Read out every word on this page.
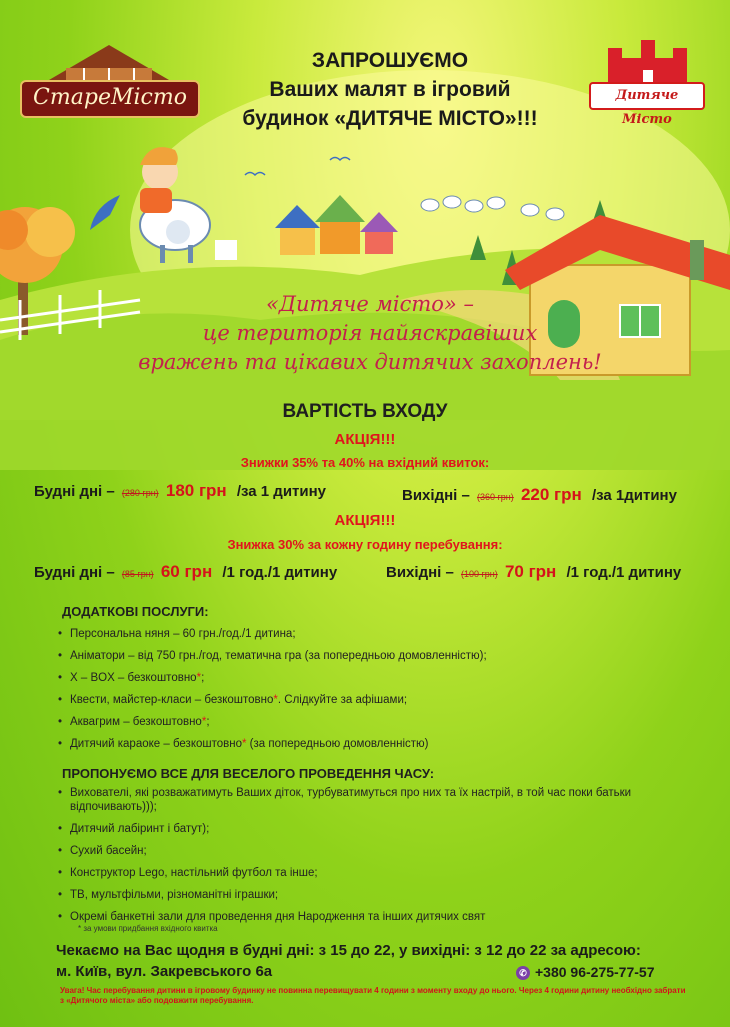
СтареМісто	Дитяче Місто
ЗАПРОШУЄМО
Ваших малят в ігровий
будинок «ДИТЯЧЕ МІСТО»!!!
«Дитяче місто» –
це територія найяскравіших
вражень та цікавих дитячих захоплень!
ВАРТІСТЬ ВХОДУ
АКЦІЯ!!!
Знижки 35% та 40% на вхідний квиток:
Будні дні – (280 грн) 180 грн /за 1 дитину	Вихідні – (360 грн) 220 грн /за 1дитину
АКЦІЯ!!!
Знижка 30% за кожну годину перебування:
Будні дні – (85 грн) 60 грн /1 год./1 дитину	Вихідні – (100 грн) 70 грн /1 год./1 дитину
ДОДАТКОВІ ПОСЛУГИ:
• Персональна няня – 60 грн./год./1 дитина;
• Аніматори – від 750 грн./год, тематична гра (за попередньою домовленністю);
• X – BOX – безкоштовно*;
• Квести, майстер-класи – безкоштовно*. Слідкуйте за афішами;
• Аквагрим – безкоштовно*;
• Дитячий караоке – безкоштовно* (за попередньою домовленністю)
ПРОПОНУЄМО ВСЕ ДЛЯ ВЕСЕЛОГО ПРОВЕДЕННЯ ЧАСУ:
• Вихователі, які розважатимуть Ваших діток, турбуватимуться про них та їх настрій, в той час поки батьки
відпочивають)));
• Дитячий лабіринт і батут);
• Сухий басейн;
• Конструктор Lego, настільний футбол та інше;
• ТВ, мультфільми, різноманітні іграшки;
• Окремі банкетні зали для проведення дня Народження та інших дитячих свят
* за умови придбання вхідного квитка
Чекаємо на Вас щодня в будні дні: з 15 до 22, у вихідні: з 12 до 22 за адресою:
м. Київ, вул. Закревського 6а	✆ +380 96-275-77-57
Увага! Час перебування дитини в ігровому будинку не повинна перевищувати 4 години з моменту входу до нього. Через 4 години дитину необхідно забрати з «Дитячого міста» або подовжити перебування.
